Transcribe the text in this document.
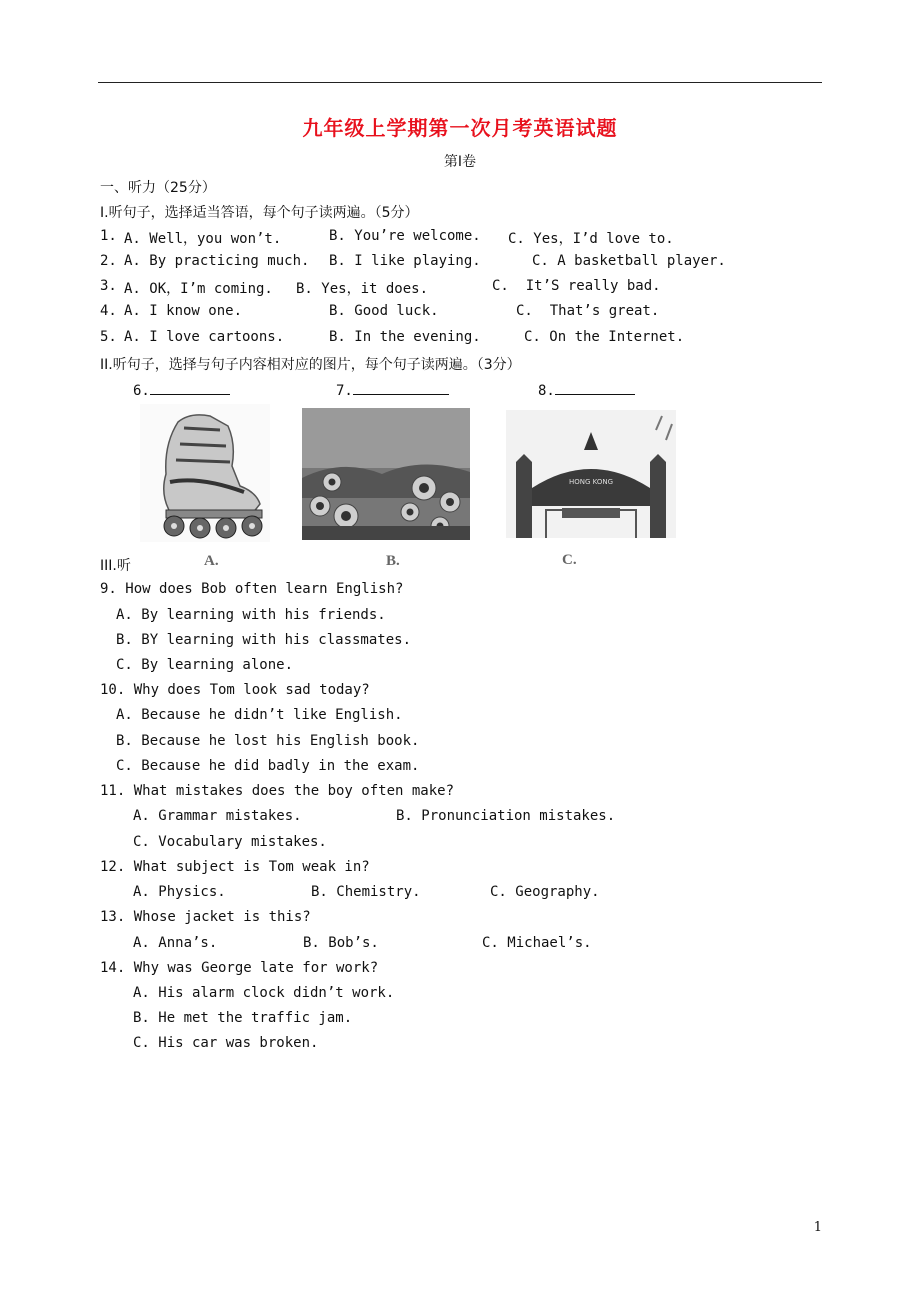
九年级上学期第一次月考英语试题
第Ⅰ卷
一、听力（25分）
I.听句子，选择适当答语，每个句子读两遍。（5分）
1. A. Well，you won’t.	B. You’re welcome. C. Yes，I’d love to.
2. A. By practicing much. B. I like playing.	C. A basketball player.
3. A. OK，I’m coming. B. Yes，it does.	C.  It’S really bad.
4. A. I know one.	B. Good luck.	C.  That’s great.
5. A. I love cartoons.	B. In the evening.	C. On the Internet.
II.听句子，选择与句子内容相对应的图片，每个句子读两遍。（3分）
6.	7.	8.
HONG KONG
III.听	A.	B.	C.
9. How does Bob often learn English?
A. By learning with his friends.
B. BY learning with his classmates.
C. By learning alone.
10. Why does Tom look sad today?
A. Because he didn’t like English.
B. Because he lost his English book.
C. Because he did badly in the exam.
11. What mistakes does the boy often make?
A. Grammar mistakes.	B. Pronunciation mistakes.
C. Vocabulary mistakes.
12. What subject is Tom weak in?
A. Physics.	B. Chemistry.	C. Geography.
13. Whose jacket is this?
A. Anna’s.	B. Bob’s.	C. Michael’s.
14. Why was George late for work?
A. His alarm clock didn’t work.
B. He met the traffic jam.
C. His car was broken.
1
